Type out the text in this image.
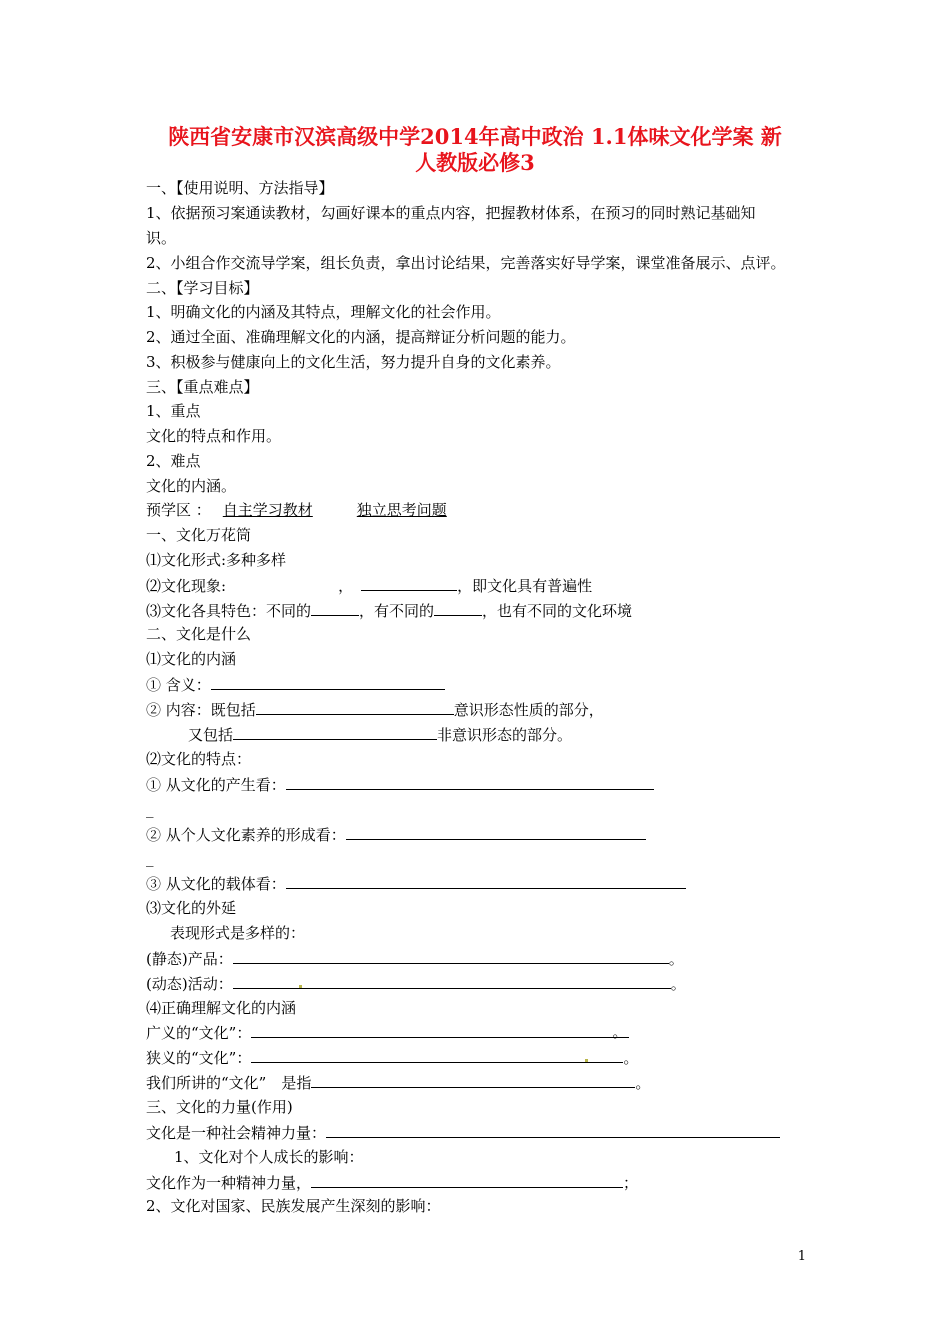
陕西省安康市汉滨高级中学2014年高中政治 1.1体味文化学案 新
人教版必修3
一、【使用说明、方法指导】
1、依据预习案通读教材，勾画好课本的重点内容，把握教材体系，在预习的同时熟记基础知
识。
2、小组合作交流导学案，组长负责，拿出讨论结果，完善落实好导学案，课堂准备展示、点评。
二、【学习目标】
1、明确文化的内涵及其特点，理解文化的社会作用。
2、通过全面、准确理解文化的内涵，提高辩证分析问题的能力。
3、积极参与健康向上的文化生活，努力提升自身的文化素养。
三、【重点难点】
1、重点
文化的特点和作用。
2、难点
文化的内涵。
预学区 ： 自主学习教材	独立思考问题
一、文化万花筒
⑴文化形式:多种多样
⑵文化现象:	，	，即文化具有普遍性
⑶文化各具特色：不同的	，有不同的	，也有不同的文化环境
二、文化是什么
⑴文化的内涵
① 含义：
② 内容：既包括	意识形态性质的部分，
又包括	非意识形态的部分。
⑵文化的特点：
① 从文化的产生看：
_
② 从个人文化素养的形成看：
_
③ 从文化的载体看：
⑶文化的外延
表现形式是多样的：
(静态)产品：	。
(动态)活动：	。
⑷正确理解文化的内涵
广义的“文化”：	。
狭义的“文化”：	。
我们所讲的“文化”　是指	。
三、文化的力量(作用)
文化是一种社会精神力量：
1、文化对个人成长的影响：
文化作为一种精神力量，	；
2、文化对国家、民族发展产生深刻的影响：
1
